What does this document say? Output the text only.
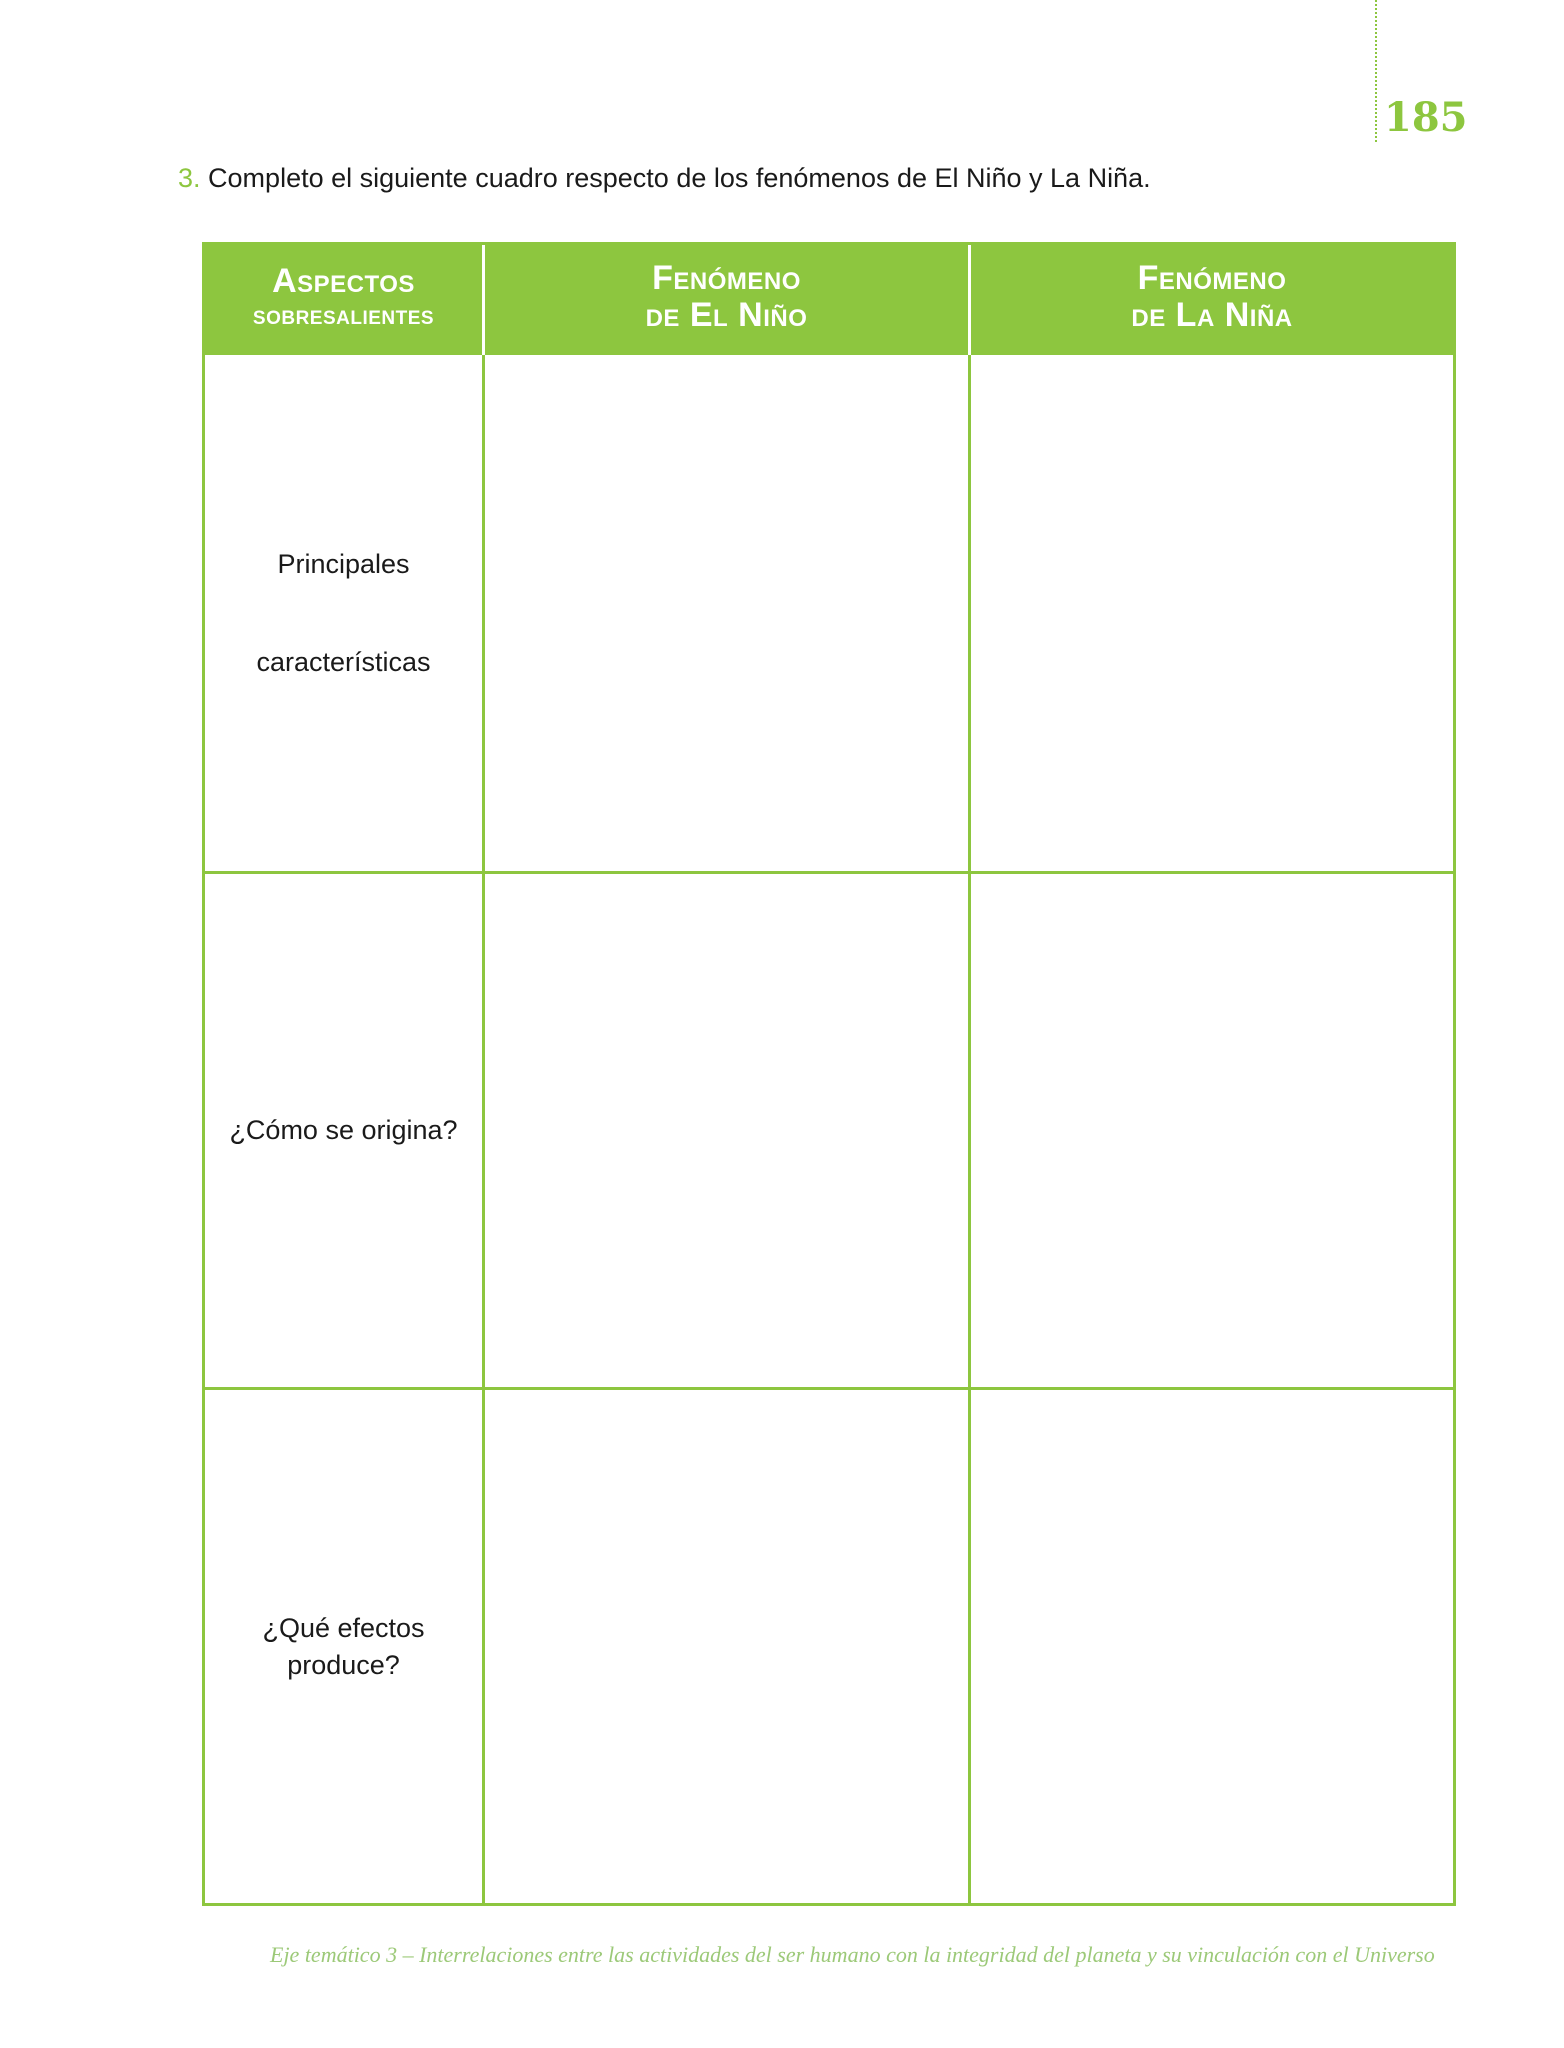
185
3. Completo el siguiente cuadro respecto de los fenómenos de El Niño y La Niña.
Aspectos
sobresalientes
Fenómeno
de El Niño
Fenómeno
de La Niña
Principales
características
¿Cómo se origina?
¿Qué efectos
produce?
Eje temático 3 – Interrelaciones entre las actividades del ser humano con la integridad del planeta y su vinculación con el Universo
